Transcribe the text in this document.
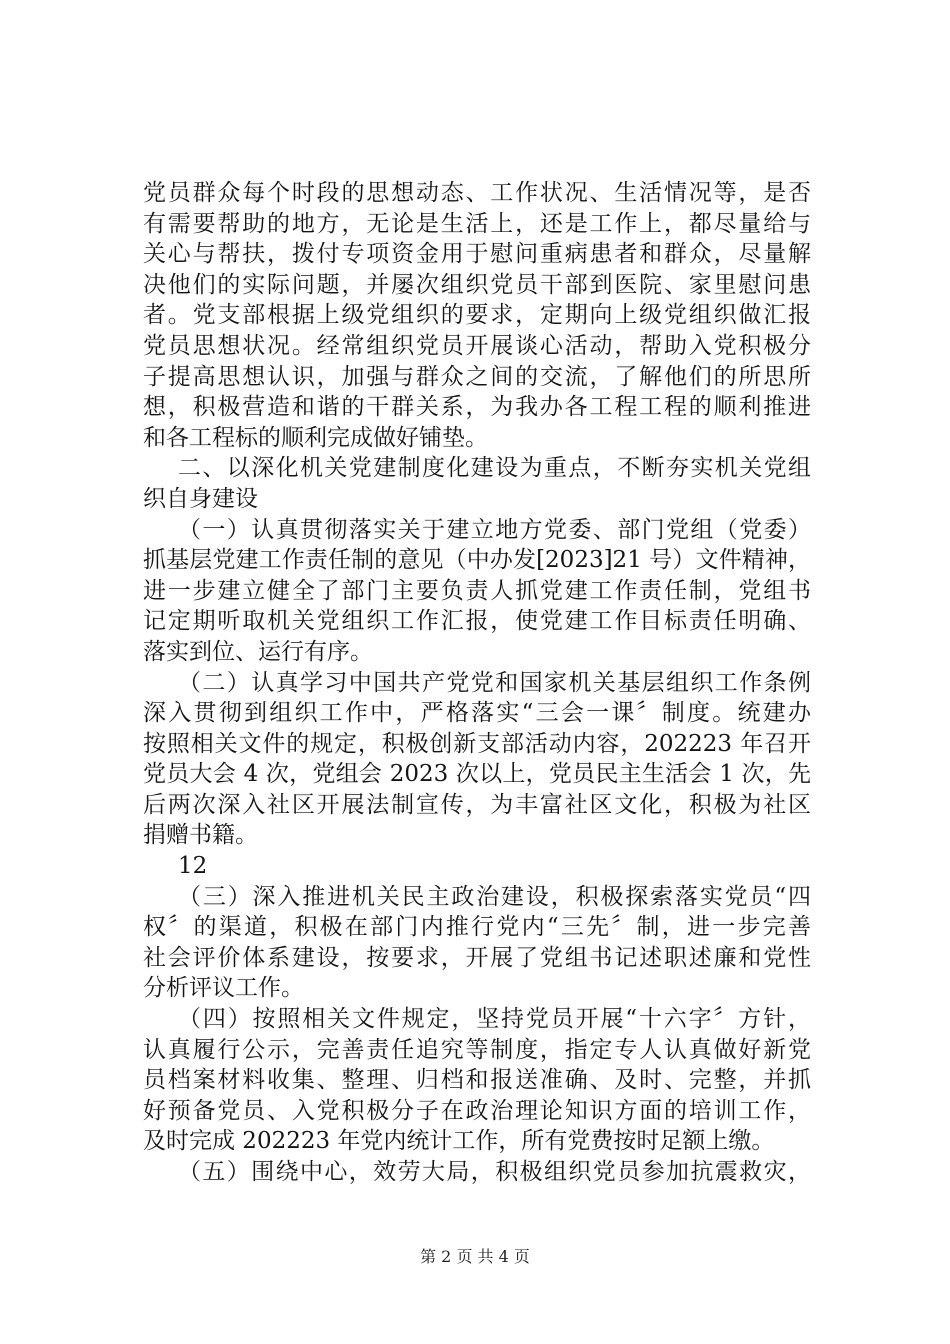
党员群众每个时段的思想动态、工作状况、生活情况等，是否
有需要帮助的地方，无论是生活上，还是工作上，都尽量给与
关心与帮扶，拨付专项资金用于慰问重病患者和群众，尽量解
决他们的实际问题，并屡次组织党员干部到医院、家里慰问患
者。党支部根据上级党组织的要求，定期向上级党组织做汇报
党员思想状况。经常组织党员开展谈心活动，帮助入党积极分
子提高思想认识，加强与群众之间的交流，了解他们的所思所
想，积极营造和谐的干群关系，为我办各工程工程的顺利推进
和各工程标的顺利完成做好铺垫。
二、以深化机关党建制度化建设为重点，不断夯实机关党组
织自身建设
（一）认真贯彻落实关于建立地方党委、部门党组（党委）
抓基层党建工作责任制的意见（中办发[2023]21 号）文件精神，
进一步建立健全了部门主要负责人抓党建工作责任制，党组书
记定期听取机关党组织工作汇报，使党建工作目标责任明确、
落实到位、运行有序。
（二）认真学习中国共产党党和国家机关基层组织工作条例
深入贯彻到组织工作中，严格落实“三会一课〞制度。统建办
按照相关文件的规定，积极创新支部活动内容，202223 年召开
党员大会 4 次，党组会 2023 次以上，党员民主生活会 1 次，先
后两次深入社区开展法制宣传，为丰富社区文化，积极为社区
捐赠书籍。
12
（三）深入推进机关民主政治建设，积极探索落实党员“四
权〞的渠道，积极在部门内推行党内“三先〞制，进一步完善
社会评价体系建设，按要求，开展了党组书记述职述廉和党性
分析评议工作。
（四）按照相关文件规定，坚持党员开展“十六字〞方针，
认真履行公示，完善责任追究等制度，指定专人认真做好新党
员档案材料收集、整理、归档和报送准确、及时、完整，并抓
好预备党员、入党积极分子在政治理论知识方面的培训工作，
及时完成 202223 年党内统计工作，所有党费按时足额上缴。
（五）围绕中心，效劳大局，积极组织党员参加抗震救灾，
第 2 页 共 4 页
